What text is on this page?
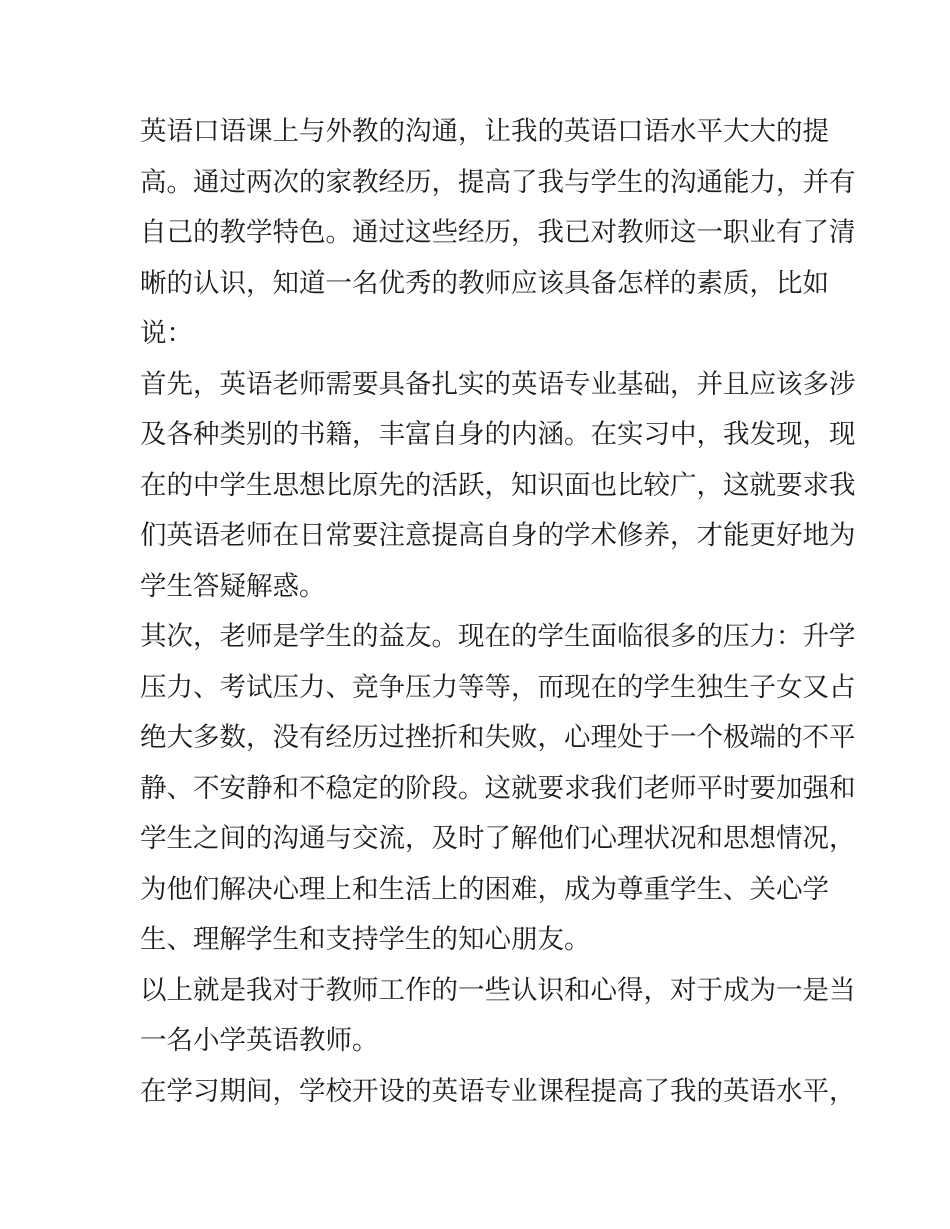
英语口语课上与外教的沟通，让我的英语口语水平大大的提
高。通过两次的家教经历，提高了我与学生的沟通能力，并有
自己的教学特色。通过这些经历，我已对教师这一职业有了清
晰的认识，知道一名优秀的教师应该具备怎样的素质，比如
说：
首先，英语老师需要具备扎实的英语专业基础，并且应该多涉
及各种类别的书籍，丰富自身的内涵。在实习中，我发现，现
在的中学生思想比原先的活跃，知识面也比较广，这就要求我
们英语老师在日常要注意提高自身的学术修养，才能更好地为
学生答疑解惑。
其次，老师是学生的益友。现在的学生面临很多的压力：升学
压力、考试压力、竞争压力等等，而现在的学生独生子女又占
绝大多数，没有经历过挫折和失败，心理处于一个极端的不平
静、不安静和不稳定的阶段。这就要求我们老师平时要加强和
学生之间的沟通与交流，及时了解他们心理状况和思想情况，
为他们解决心理上和生活上的困难，成为尊重学生、关心学
生、理解学生和支持学生的知心朋友。
以上就是我对于教师工作的一些认识和心得，对于成为一是当
一名小学英语教师。
在学习期间，学校开设的英语专业课程提高了我的英语水平，
